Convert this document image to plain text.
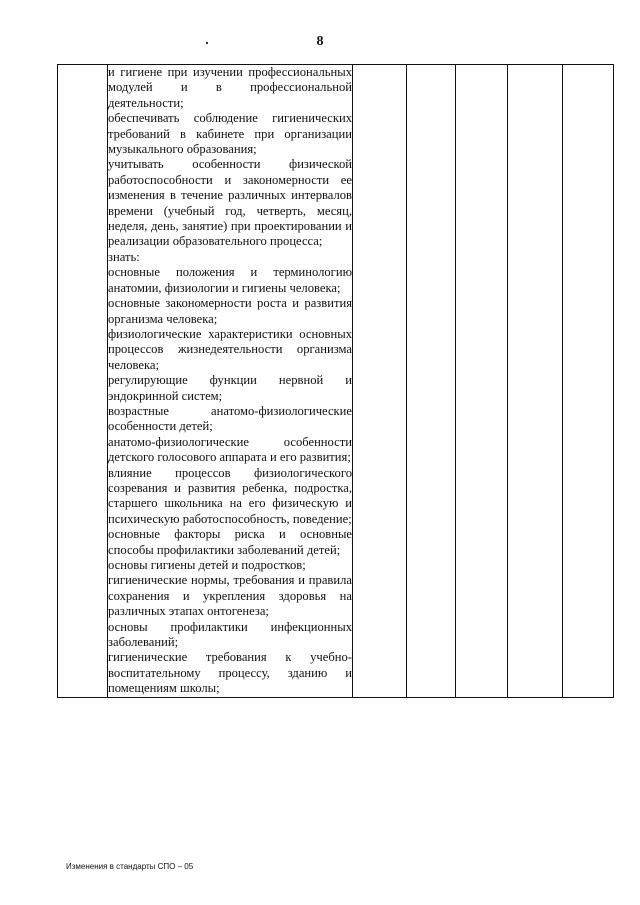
8

и гигиене при изучении профессиональных модулей и в профессиональной деятельности;

обеспечивать соблюдение гигиенических требований в кабинете при организации музыкального образования;

учитывать особенности физической работоспособности и закономерности ее изменения в течение различных интервалов времени (учебный год, четверть, месяц, неделя, день, занятие) при проектировании и реализации образовательного процесса;

знать:

основные положения и терминологию анатомии, физиологии и гигиены человека;

основные закономерности роста и развития организма человека;

физиологические характеристики основных процессов жизнедеятельности организма человека;

регулирующие функции нервной и эндокринной систем;

возрастные анатомо-физиологические особенности детей;

анатомо-физиологические особенности детского голосового аппарата и его развития;

влияние процессов физиологического созревания и развития ребенка, подростка, старшего школьника на его физическую и психическую работоспособность, поведение;

основные факторы риска и основные способы профилактики заболеваний детей;

основы гигиены детей и подростков;

гигиенические нормы, требования и правила сохранения и укрепления здоровья на различных этапах онтогенеза;

основы профилактики инфекционных заболеваний;

гигиенические требования к учебно-воспитательному процессу, зданию и помещениям школы;

Изменения в стандарты СПО – 05
